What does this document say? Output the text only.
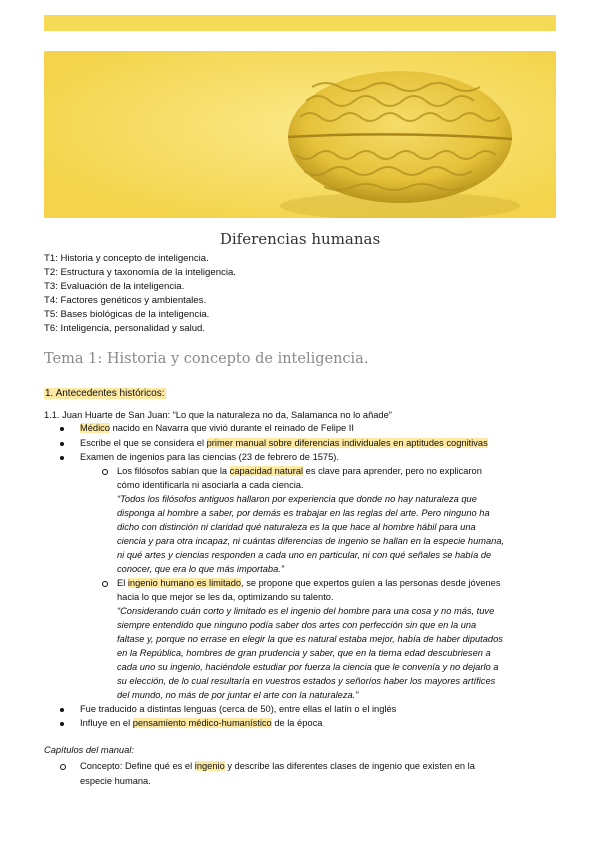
Diferencias humanas
T1: Historia y concepto de inteligencia.
T2: Estructura y taxonomía de la inteligencia.
T3: Evaluación de la inteligencia.
T4: Factores genéticos y ambientales.
T5: Bases biológicas de la inteligencia.
T6: Inteligencia, personalidad y salud.
Tema 1: Historia y concepto de inteligencia.
1. Antecedentes históricos:
1.1. Juan Huarte de San Juan: “Lo que la naturaleza no da, Salamanca no lo añade”
Médico nacido en Navarra que vivió durante el reinado de Felipe II
Escribe el que se considera el primer manual sobre diferencias individuales en aptitudes cognitivas
Examen de ingenios para las ciencias (23 de febrero de 1575).
Los filósofos sabían que la capacidad natural es clave para aprender, pero no explicaron
cómo identificarla ni asociarla a cada ciencia.
“Todos los filósofos antiguos hallaron por experiencia que donde no hay naturaleza que
disponga al hombre a saber, por demás es trabajar en las reglas del arte. Pero ninguno ha
dicho con distinción ni claridad qué naturaleza es la que hace al hombre hábil para una
ciencia y para otra incapaz, ni cuántas diferencias de ingenio se hallan en la especie humana,
ni qué artes y ciencias responden a cada uno en particular, ni con qué señales se había de
conocer, que era lo que más importaba.”
El ingenio humano es limitado, se propone que expertos guíen a las personas desde jóvenes
hacia lo que mejor se les da, optimizando su talento.
“Considerando cuán corto y limitado es el ingenio del hombre para una cosa y no más, tuve
siempre entendido que ninguno podía saber dos artes con perfección sin que en la una
faltase y, porque no errase en elegir la que es natural estaba mejor, había de haber diputados
en la República, hombres de gran prudencia y saber, que en la tierna edad descubriesen a
cada uno su ingenio, haciéndole estudiar por fuerza la ciencia que le convenía y no dejarlo a
su elección, de lo cual resultaría en vuestros estados y señoríos haber los mayores artífices
del mundo, no más de por juntar el arte con la naturaleza.”
Fue traducido a distintas lenguas (cerca de 50), entre ellas el latín o el inglés
Influye en el pensamiento médico-humanístico de la época
Capítulos del manual:
Concepto: Define qué es el ingenio y describe las diferentes clases de ingenio que existen en la
especie humana.
